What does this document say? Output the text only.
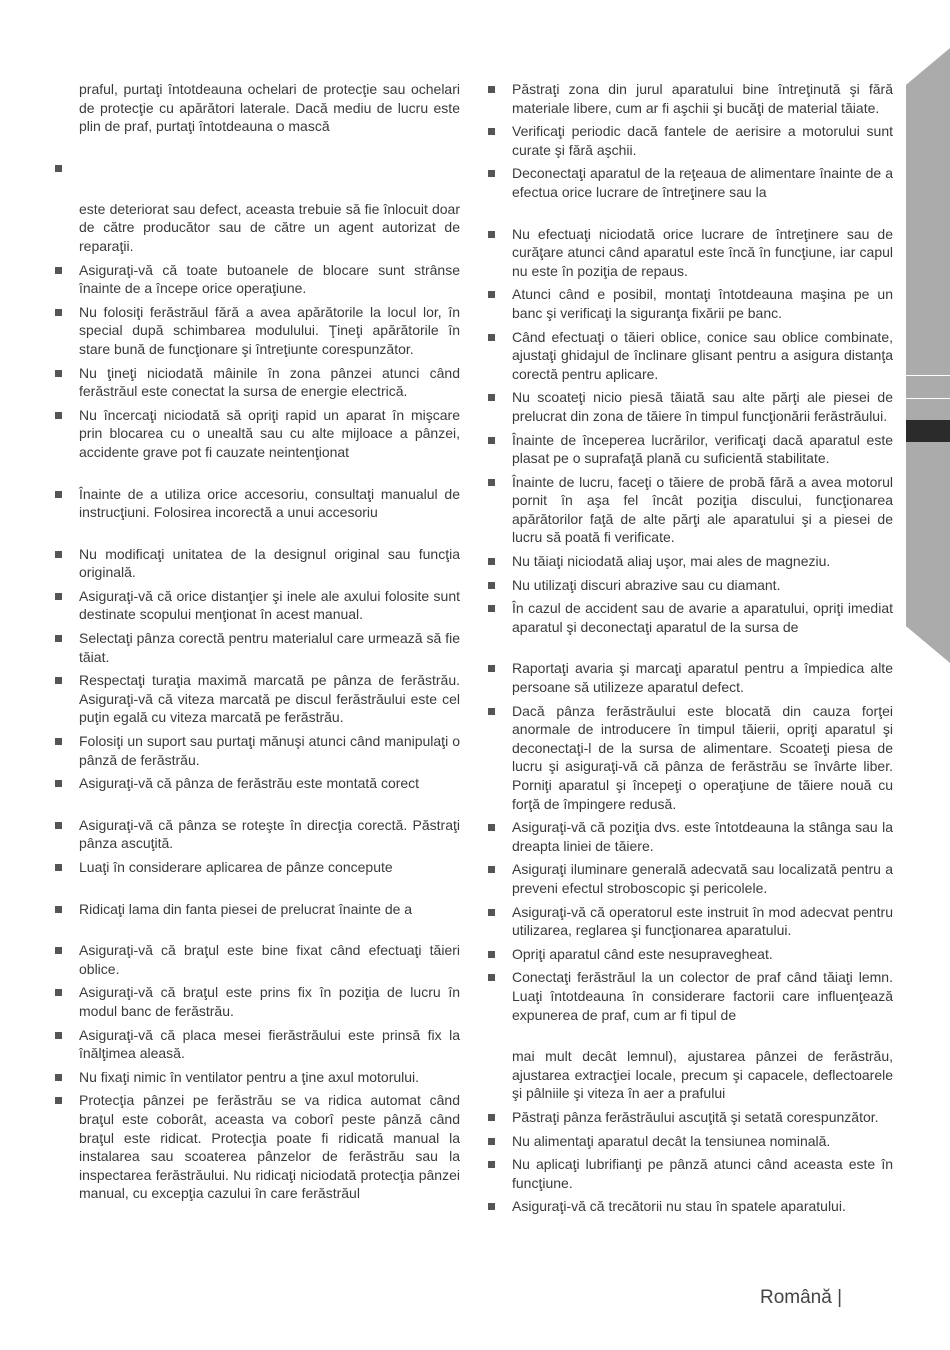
praful, purtaţi întotdeauna ochelari de protecţie sau ochelari de protecţie cu apărători laterale. Dacă mediu de lucru este plin de praf, purtaţi întotdeauna o mască
este deteriorat sau defect, aceasta trebuie să fie înlocuit doar de către producător sau de către un agent autorizat de reparaţii.
Asiguraţi-vă că toate butoanele de blocare sunt strânse înainte de a începe orice operaţiune.
Nu folosiţi ferăstrăul fără a avea apărătorile la locul lor, în special după schimbarea modulului. Ţineţi apărătorile în stare bună de funcţionare şi întreţiunte corespunzător.
Nu ţineţi niciodată mâinile în zona pânzei atunci când ferăstrăul este conectat la sursa de energie electrică.
Nu încercaţi niciodată să opriţi rapid un aparat în mişcare prin blocarea cu o unealtă sau cu alte mijloace a pânzei, accidente grave pot fi cauzate neintenţionat
Înainte de a utiliza orice accesoriu, consultaţi manualul de instrucţiuni. Folosirea incorectă a unui accesoriu
Nu modificaţi unitatea de la designul original sau funcţia originală.
Asiguraţi-vă că orice distanţier şi inele ale axului folosite sunt destinate scopului menţionat în acest manual.
Selectaţi pânza corectă pentru materialul care urmează să fie tăiat.
Respectaţi turaţia maximă marcată pe pânza de ferăstrău. Asiguraţi-vă că viteza marcată pe discul ferăstrăului este cel puţin egală cu viteza marcată pe ferăstrău.
Folosiţi un suport sau purtaţi mănuşi atunci când manipulaţi o pânză de ferăstrău.
Asiguraţi-vă că pânza de ferăstrău este montată corect
Asiguraţi-vă că pânza se roteşte în direcţia corectă. Păstraţi pânza ascuţită.
Luaţi în considerare aplicarea de pânze concepute
Ridicaţi lama din fanta piesei de prelucrat înainte de a
Asiguraţi-vă că braţul este bine fixat când efectuaţi tăieri oblice.
Asiguraţi-vă că braţul este prins fix în poziţia de lucru în modul banc de ferăstrău.
Asiguraţi-vă că placa mesei fierăstrăului este prinsă fix la înălţimea aleasă.
Nu fixaţi nimic în ventilator pentru a ţine axul motorului.
Protecţia pânzei pe ferăstrău se va ridica automat când braţul este coborât, aceasta va coborî peste pânză când braţul este ridicat. Protecţia poate fi ridicată manual la instalarea sau scoaterea pânzelor de ferăstrău sau la inspectarea ferăstrăului. Nu ridicaţi niciodată protecţia pânzei manual, cu excepţia cazului în care ferăstrăul
Păstraţi zona din jurul aparatului bine întreţinută şi fără materiale libere, cum ar fi aşchii şi bucăţi de material tăiate.
Verificaţi periodic dacă fantele de aerisire a motorului sunt curate şi fără aşchii.
Deconectaţi aparatul de la reţeaua de alimentare înainte de a efectua orice lucrare de întreţinere sau la
Nu efectuaţi niciodată orice lucrare de întreţinere sau de curăţare atunci când aparatul este încă în funcţiune, iar capul nu este în poziţia de repaus.
Atunci când e posibil, montaţi întotdeauna maşina pe un banc şi verificaţi la siguranţa fixării pe banc.
Când efectuaţi o tăieri oblice, conice sau oblice combinate, ajustaţi ghidajul de înclinare glisant pentru a asigura distanţa corectă pentru aplicare.
Nu scoateţi nicio piesă tăiată sau alte părţi ale piesei de prelucrat din zona de tăiere în timpul funcţionării ferăstrăului.
Înainte de începerea lucrărilor, verificaţi dacă aparatul este plasat pe o suprafaţă plană cu suficientă stabilitate.
Înainte de lucru, faceţi o tăiere de probă fără a avea motorul pornit în aşa fel încât poziţia discului, funcţionarea apărătorilor faţă de alte părţi ale aparatului şi a piesei de lucru să poată fi verificate.
Nu tăiaţi niciodată aliaj uşor, mai ales de magneziu.
Nu utilizaţi discuri abrazive sau cu diamant.
În cazul de accident sau de avarie a aparatului, opriţi imediat aparatul şi deconectaţi aparatul de la sursa de
Raportaţi avaria şi marcaţi aparatul pentru a împiedica alte persoane să utilizeze aparatul defect.
Dacă pânza ferăstrăului este blocată din cauza forţei anormale de introducere în timpul tăierii, opriţi aparatul şi deconectaţi-l de la sursa de alimentare. Scoateţi piesa de lucru şi asiguraţi-vă că pânza de ferăstrău se învârte liber. Porniţi aparatul şi începeţi o operaţiune de tăiere nouă cu forţă de împingere redusă.
Asiguraţi-vă că poziţia dvs. este întotdeauna la stânga sau la dreapta liniei de tăiere.
Asiguraţi iluminare generală adecvată sau localizată pentru a preveni efectul stroboscopic şi pericolele.
Asiguraţi-vă că operatorul este instruit în mod adecvat pentru utilizarea, reglarea şi funcţionarea aparatului.
Opriţi aparatul când este nesupravegheat.
Conectaţi ferăstrăul la un colector de praf când tăiaţi lemn. Luaţi întotdeauna în considerare factorii care influenţează expunerea de praf, cum ar fi tipul de
mai mult decât lemnul), ajustarea pânzei de ferăstrău, ajustarea extracţiei locale, precum şi capacele, deflectoarele şi pâlniile şi viteza în aer a prafului
Păstraţi pânza ferăstrăului ascuţită şi setată corespunzător.
Nu alimentaţi aparatul decât la tensiunea nominală.
Nu aplicaţi lubrifianţi pe pânză atunci când aceasta este în funcţiune.
Asiguraţi-vă că trecătorii nu stau în spatele aparatului.
Română |
